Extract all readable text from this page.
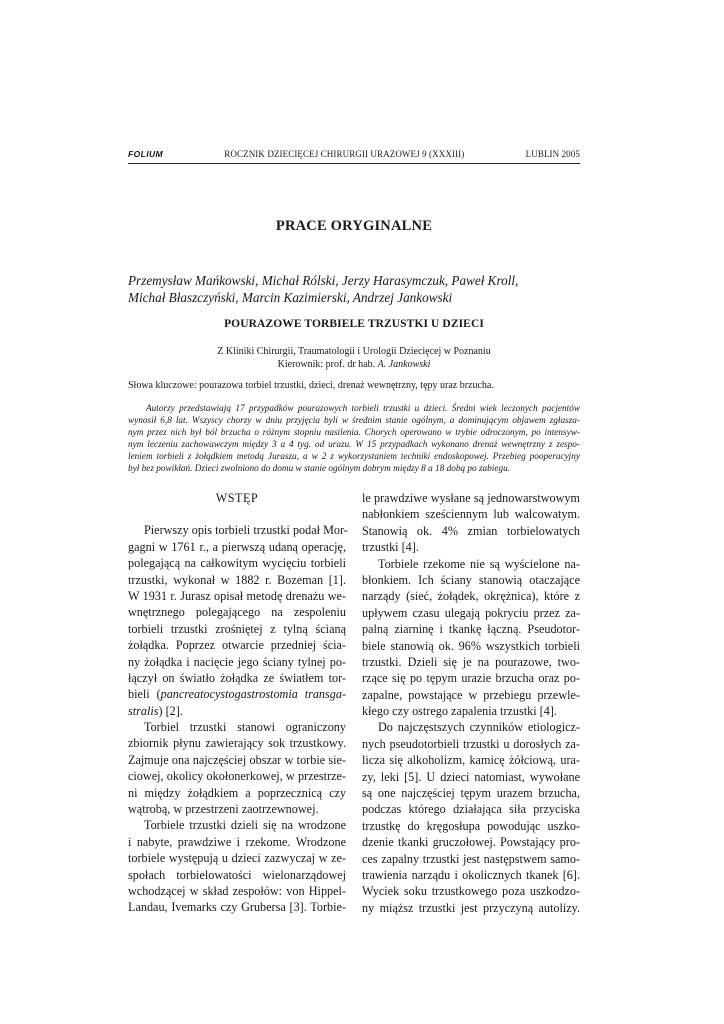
FOLIUM	ROCZNIK DZIECIĘCEJ CHIRURGII URAZOWEJ 9 (XXXIII)	LUBLIN 2005
PRACE ORYGINALNE
Przemysław Mańkowski, Michał Rólski, Jerzy Harasymczuk, Paweł Kroll,
Michał Błaszczyński, Marcin Kazimierski, Andrzej Jankowski
POURAZOWE TORBIELE TRZUSTKI U DZIECI
Z Kliniki Chirurgii, Traumatologii i Urologii Dziecięcej w Poznaniu
Kierownik: prof. dr hab. A. Jankowski
Słowa kluczowe: pourazowa torbiel trzustki, dzieci, drenaż wewnętrzny, tępy uraz brzucha.
Autorzy przedstawiają 17 przypadków pourazowych torbieli trzustki u dzieci. Średni wiek leczonych pacjentów
wynosił 6,8 lat. Wszyscy chorzy w dniu przyjęcia byli w średnim stanie ogólnym, a dominującym objawem zgłasza-
nym przez nich był ból brzucha o różnym stopniu nasilenia. Chorych operowano w trybie odroczonym, po intensyw-
nym leczeniu zachowawczym między 3 a 4 tyg. od urazu. W 15 przypadkach wykonano drenaż wewnętrzny z zespo-
leniem torbieli z żołądkiem metodą Jurasza, a w 2 z wykorzystaniem techniki endoskopowej. Przebieg pooperacyjny
był bez powikłań. Dzieci zwolniono do domu w stanie ogólnym dobrym między 8 a 18 dobą po zabiegu.
WSTĘP
Pierwszy opis torbieli trzustki podał Mor-
gagni w 1761 r., a pierwszą udaną operację,
polegającą na całkowitym wycięciu torbieli
trzustki, wykonał w 1882 r. Bozeman [1].
W 1931 r. Jurasz opisał metodę drenażu we-
wnętrznego polegającego na zespoleniu
torbieli trzustki zrośniętej z tylną ścianą
żołądka. Poprzez otwarcie przedniej ścia-
ny żołądka i nacięcie jego ściany tylnej po-
łączył on światło żołądka ze światłem tor-
bieli (pancreatocystogastrostomia transga-
stralis) [2].
Torbiel trzustki stanowi ograniczony
zbiornik płynu zawierający sok trzustkowy.
Zajmuje ona najczęściej obszar w torbie sie-
ciowej, okolicy okołonerkowej, w przestrze-
ni między żołądkiem a poprzecznicą czy
wątrobą, w przestrzeni zaotrzewnowej.
Torbiele trzustki dzieli się na wrodzone
i nabyte, prawdziwe i rzekome. Wrodzone
torbiele występują u dzieci zazwyczaj w ze-
społach torbielowatości wielonarządowej
wchodzącej w skład zespołów: von Hippel-
Landau, Ivemarks czy Grubersa [3]. Torbie-
le prawdziwe wysłane są jednowarstwowym
nabłonkiem sześciennym lub walcowatym.
Stanowią ok. 4% zmian torbielowatych
trzustki [4].
Torbiele rzekome nie są wyścielone na-
błonkiem. Ich ściany stanowią otaczające
narządy (sieć, żołądek, okrężnica), które z
upływem czasu ulegają pokryciu przez za-
palną ziarninę i tkankę łączną. Pseudotor-
biele stanowią ok. 96% wszystkich torbieli
trzustki. Dzieli się je na pourazowe, two-
rzące się po tępym urazie brzucha oraz po-
zapalne, powstające w przebiegu przewle-
kłego czy ostrego zapalenia trzustki [4].
Do najczęstszych czynników etiologicz-
nych pseudotorbieli trzustki u dorosłych za-
licza się alkoholizm, kamicę żółciową, ura-
zy, leki [5]. U dzieci natomiast, wywołane
są one najczęściej tępym urazem brzucha,
podczas którego działająca siła przyciska
trzustkę do kręgosłupa powodując uszko-
dzenie tkanki gruczołowej. Powstający pro-
ces zapalny trzustki jest następstwem samo-
trawienia narządu i okolicznych tkanek [6].
Wyciek soku trzustkowego poza uszkodzo-
ny miąższ trzustki jest przyczyną autolizy.
